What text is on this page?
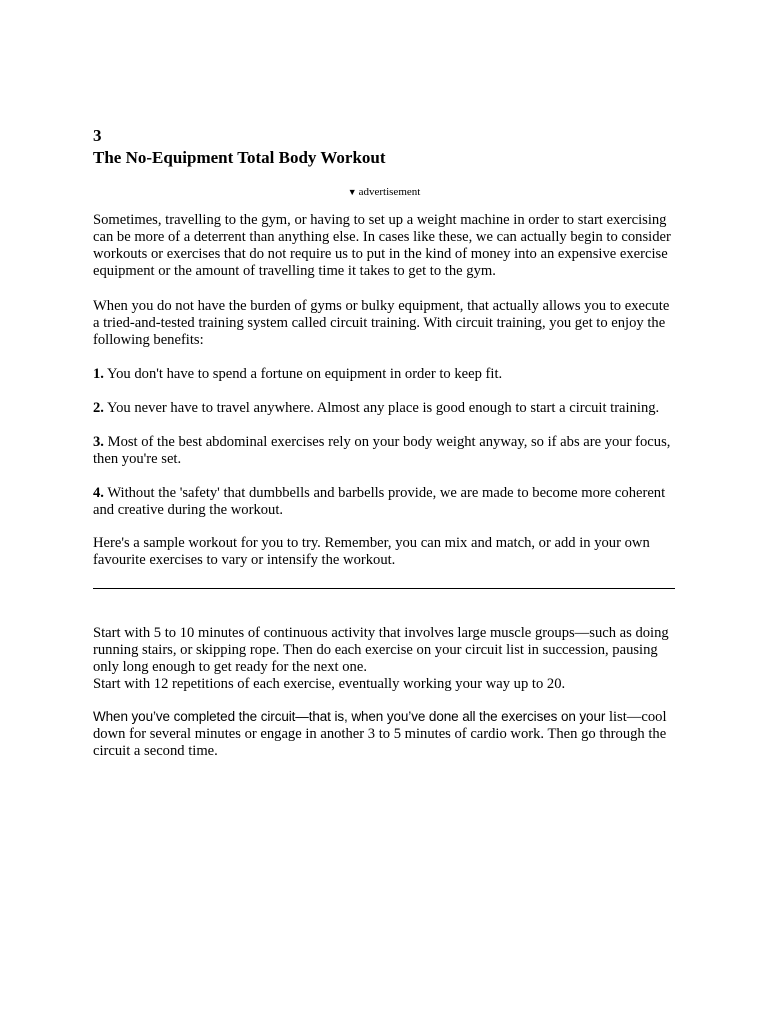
3
The No-Equipment Total Body Workout
▼ advertisement

Sometimes, travelling to the gym, or having to set up a weight machine in order to start exercising can be more of a deterrent than anything else. In cases like these, we can actually begin to consider workouts or exercises that do not require us to put in the kind of money into an expensive exercise equipment or the amount of travelling time it takes to get to the gym.

When you do not have the burden of gyms or bulky equipment, that actually allows you to execute a tried-and-tested training system called circuit training. With circuit training, you get to enjoy the following benefits:

1. You don't have to spend a fortune on equipment in order to keep fit.

2. You never have to travel anywhere. Almost any place is good enough to start a circuit training.

3. Most of the best abdominal exercises rely on your body weight anyway, so if abs are your focus, then you're set.

4. Without the 'safety' that dumbbells and barbells provide, we are made to become more coherent and creative during the workout.

Here's a sample workout for you to try. Remember, you can mix and match, or add in your own favourite exercises to vary or intensify the workout.

Start with 5 to 10 minutes of continuous activity that involves large muscle groups—such as doing running stairs, or skipping rope. Then do each exercise on your circuit list in succession, pausing only long enough to get ready for the next one.

Start with 12 repetitions of each exercise, eventually working your way up to 20.

When you’ve completed the circuit—that is, when you’ve done all the exercises on your list—cool down for several minutes or engage in another 3 to 5 minutes of cardio work. Then go through the circuit a second time.
